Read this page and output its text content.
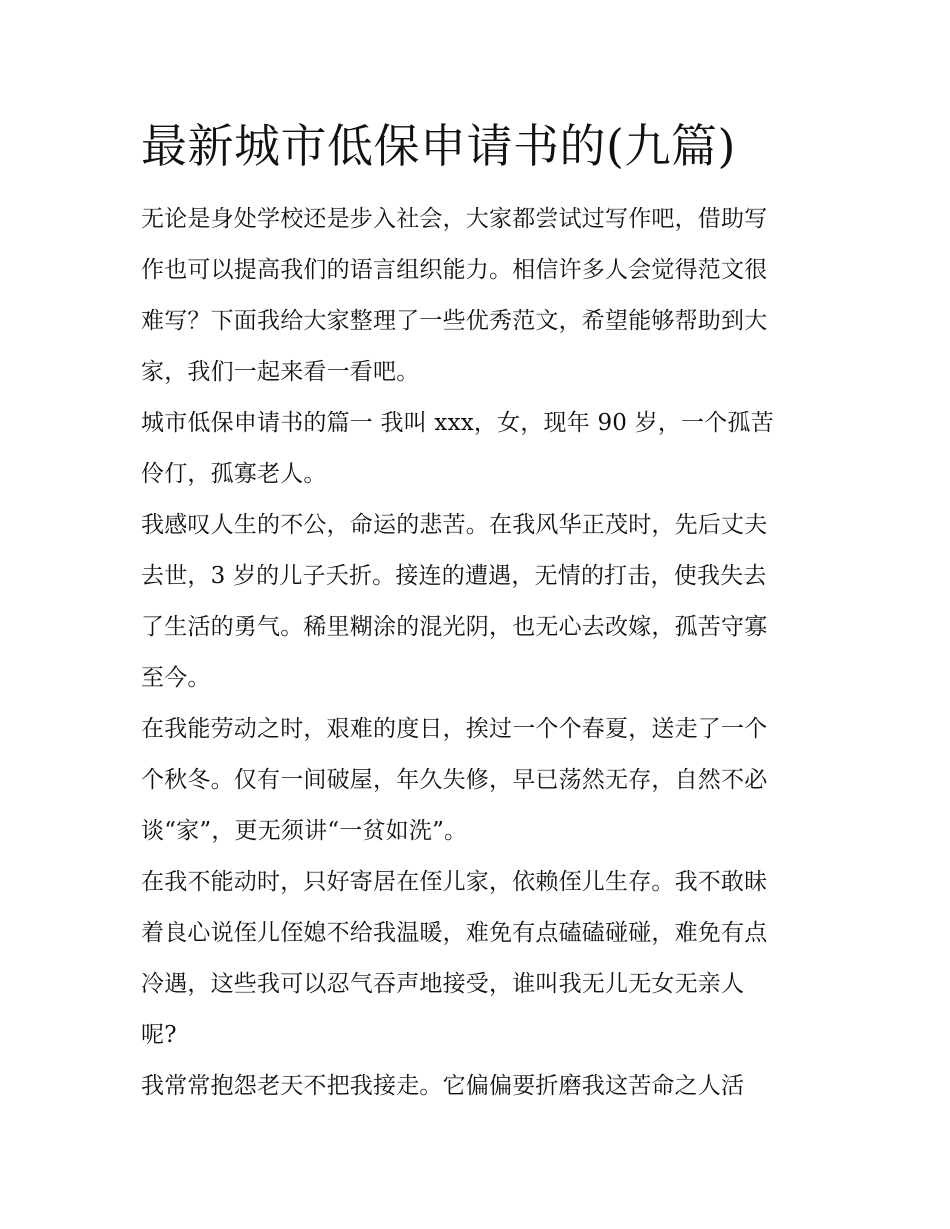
最新城市低保申请书的(九篇)
无论是身处学校还是步入社会，大家都尝试过写作吧，借助写
作也可以提高我们的语言组织能力。相信许多人会觉得范文很
难写？下面我给大家整理了一些优秀范文，希望能够帮助到大
家，我们一起来看一看吧。
城市低保申请书的篇一 我叫 xxx，女，现年 90 岁，一个孤苦
伶仃，孤寡老人。
我感叹人生的不公，命运的悲苦。在我风华正茂时，先后丈夫
去世，3 岁的儿子夭折。接连的遭遇，无情的打击，使我失去
了生活的勇气。稀里糊涂的混光阴，也无心去改嫁，孤苦守寡
至今。
在我能劳动之时，艰难的度日，挨过一个个春夏，送走了一个
个秋冬。仅有一间破屋，年久失修，早已荡然无存，自然不必
谈“家”，更无须讲“一贫如洗”。
在我不能动时，只好寄居在侄儿家，依赖侄儿生存。我不敢昧
着良心说侄儿侄媳不给我温暖，难免有点磕磕碰碰，难免有点
冷遇，这些我可以忍气吞声地接受，谁叫我无儿无女无亲人
呢?
我常常抱怨老天不把我接走。它偏偏要折磨我这苦命之人活
